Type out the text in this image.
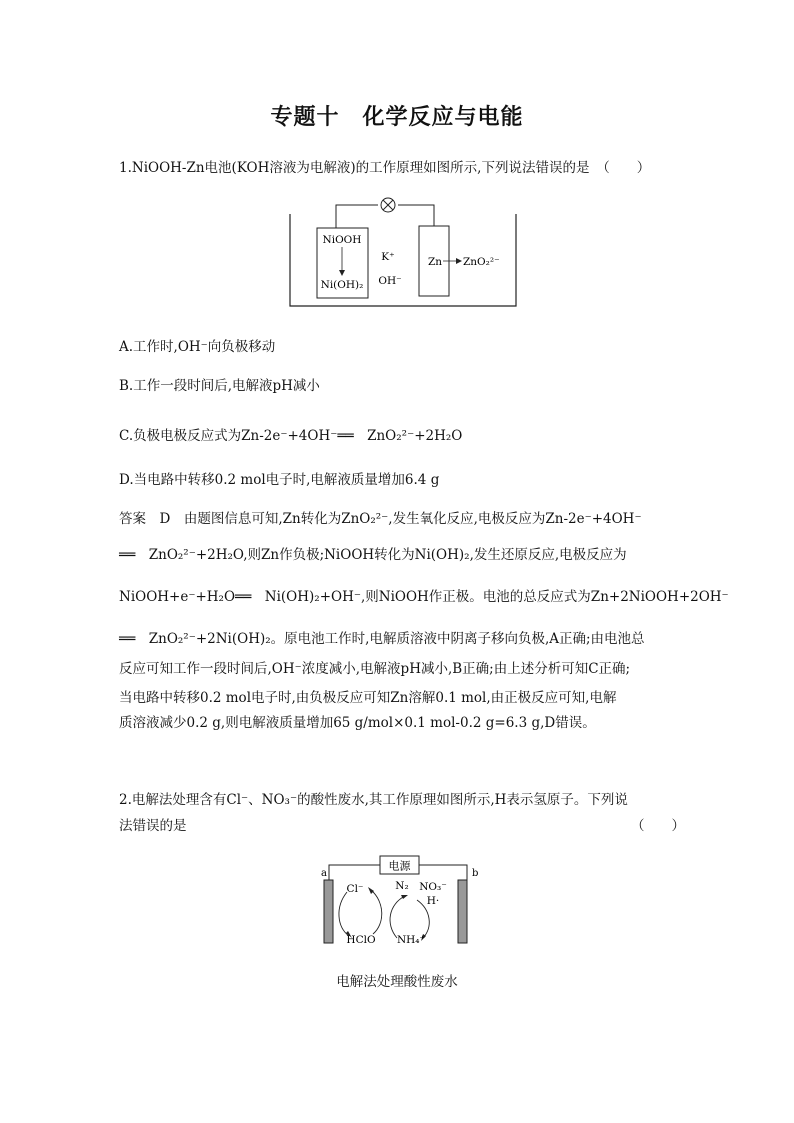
专题十　化学反应与电能
1.NiOOH-Zn电池(KOH溶液为电解液)的工作原理如图所示,下列说法错误的是　（　　）
NiOOH
Ni(OH)₂
K⁺
OH⁻
Zn ZnO₂²⁻
A.工作时,OH⁻向负极移动
B.工作一段时间后,电解液pH减小
C.负极电极反应式为Zn-2e⁻+4OH⁻══　ZnO₂²⁻+2H₂O
D.当电路中转移0.2 mol电子时,电解液质量增加6.4 g
答案　D　由题图信息可知,Zn转化为ZnO₂²⁻,发生氧化反应,电极反应为Zn-2e⁻+4OH⁻
══　ZnO₂²⁻+2H₂O,则Zn作负极;NiOOH转化为Ni(OH)₂,发生还原反应,电极反应为
NiOOH+e⁻+H₂O══　Ni(OH)₂+OH⁻,则NiOOH作正极。电池的总反应式为Zn+2NiOOH+2OH⁻
══　ZnO₂²⁻+2Ni(OH)₂。原电池工作时,电解质溶液中阴离子移向负极,A正确;由电池总
反应可知工作一段时间后,OH⁻浓度减小,电解液pH减小,B正确;由上述分析可知C正确;
当电路中转移0.2 mol电子时,由负极反应可知Zn溶解0.1 mol,由正极反应可知,电解
质溶液减少0.2 g,则电解液质量增加65 g/mol×0.1 mol-0.2 g=6.3 g,D错误。
2.电解法处理含有Cl⁻、NO₃⁻的酸性废水,其工作原理如图所示,H表示氢原子。下列说
法错误的是	（　　）
电源
a	b
Cl⁻	N₂ NO₃⁻
H·
HClO NH₄⁺
电解法处理酸性废水
